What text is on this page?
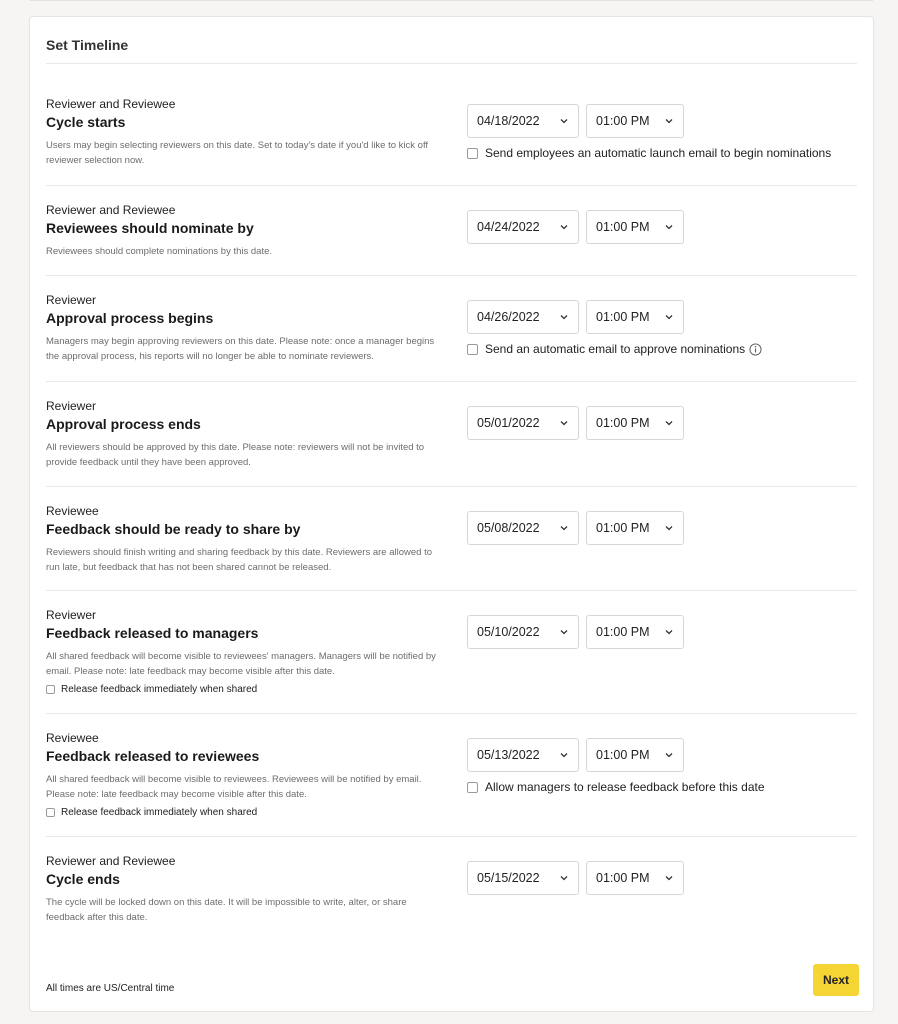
Set Timeline
Reviewer and Reviewee
Cycle starts
Users may begin selecting reviewers on this date. Set to today's date if you'd like to kick off reviewer selection now.
04/18/2022	01:00 PM
Send employees an automatic launch email to begin nominations
Reviewer and Reviewee
Reviewees should nominate by
Reviewees should complete nominations by this date.
04/24/2022	01:00 PM
Reviewer
Approval process begins
Managers may begin approving reviewers on this date. Please note: once a manager begins the approval process, his reports will no longer be able to nominate reviewers.
04/26/2022	01:00 PM
Send an automatic email to approve nominations
Reviewer
Approval process ends
All reviewers should be approved by this date. Please note: reviewers will not be invited to provide feedback until they have been approved.
05/01/2022	01:00 PM
Reviewee
Feedback should be ready to share by
Reviewers should finish writing and sharing feedback by this date. Reviewers are allowed to run late, but feedback that has not been shared cannot be released.
05/08/2022	01:00 PM
Reviewer
Feedback released to managers
All shared feedback will become visible to reviewees' managers. Managers will be notified by email. Please note: late feedback may become visible after this date.
Release feedback immediately when shared
05/10/2022	01:00 PM
Reviewee
Feedback released to reviewees
All shared feedback will become visible to reviewees. Reviewees will be notified by email. Please note: late feedback may become visible after this date.
Release feedback immediately when shared
05/13/2022	01:00 PM
Allow managers to release feedback before this date
Reviewer and Reviewee
Cycle ends
The cycle will be locked down on this date. It will be impossible to write, alter, or share feedback after this date.
05/15/2022	01:00 PM
All times are US/Central time
Next
